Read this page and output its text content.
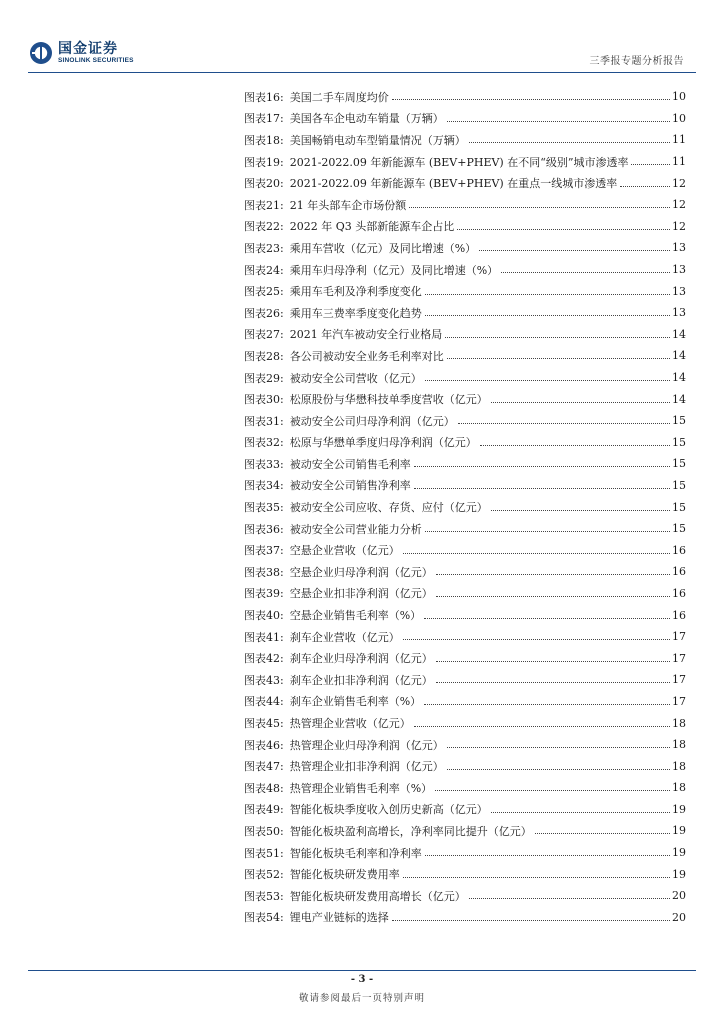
国金证券
SINOLINK SECURITIES	三季报专题分析报告
图表16: 美国二手车周度均价	10
图表17: 美国各车企电动车销量（万辆）	10
图表18: 美国畅销电动车型销量情况（万辆）	11
图表19: 2021-2022.09 年新能源车 (BEV+PHEV) 在不同“级别”城市渗透率	11
图表20: 2021-2022.09 年新能源车 (BEV+PHEV) 在重点一线城市渗透率	12
图表21: 21 年头部车企市场份额	12
图表22: 2022 年 Q3 头部新能源车企占比	12
图表23: 乘用车营收（亿元）及同比增速（%）	13
图表24: 乘用车归母净利（亿元）及同比增速（%）	13
图表25: 乘用车毛利及净利季度变化	13
图表26: 乘用车三费率季度变化趋势	13
图表27: 2021 年汽车被动安全行业格局	14
图表28: 各公司被动安全业务毛利率对比	14
图表29: 被动安全公司营收（亿元）	14
图表30: 松原股份与华懋科技单季度营收（亿元）	14
图表31: 被动安全公司归母净利润（亿元）	15
图表32: 松原与华懋单季度归母净利润（亿元）	15
图表33: 被动安全公司销售毛利率	15
图表34: 被动安全公司销售净利率	15
图表35: 被动安全公司应收、存货、应付（亿元）	15
图表36: 被动安全公司营业能力分析	15
图表37: 空悬企业营收（亿元）	16
图表38: 空悬企业归母净利润（亿元）	16
图表39: 空悬企业扣非净利润（亿元）	16
图表40: 空悬企业销售毛利率（%）	16
图表41: 刹车企业营收（亿元）	17
图表42: 刹车企业归母净利润（亿元）	17
图表43: 刹车企业扣非净利润（亿元）	17
图表44: 刹车企业销售毛利率（%）	17
图表45: 热管理企业营收（亿元）	18
图表46: 热管理企业归母净利润（亿元）	18
图表47: 热管理企业扣非净利润（亿元）	18
图表48: 热管理企业销售毛利率（%）	18
图表49: 智能化板块季度收入创历史新高（亿元）	19
图表50: 智能化板块盈利高增长，净利率同比提升（亿元）	19
图表51: 智能化板块毛利率和净利率	19
图表52: 智能化板块研发费用率	19
图表53: 智能化板块研发费用高增长（亿元）	20
图表54: 锂电产业链标的选择	20
- 3 -
敬请参阅最后一页特别声明
